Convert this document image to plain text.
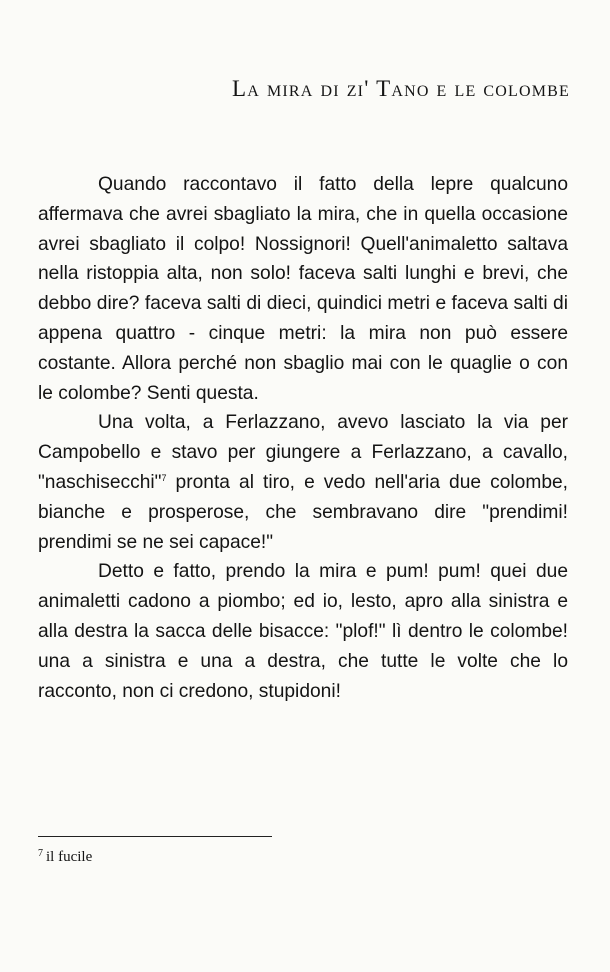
La mira di zi' Tano e le colombe

Quando raccontavo il fatto della lepre qualcuno affermava che avrei sbagliato la mira, che in quella occasione avrei sbagliato il colpo! Nossignori! Quell'animaletto saltava nella ristoppia alta, non solo! faceva salti lunghi e brevi, che debbo dire? faceva salti di dieci, quindici metri e faceva salti di appena quattro - cinque metri: la mira non può essere costante. Allora perché non sbaglio mai con le quaglie o con le colombe? Senti questa.

Una volta, a Ferlazzano, avevo lasciato la via per Campobello e stavo per giungere a Ferlazzano, a cavallo, "naschisecchi"$^7$ pronta al tiro, e vedo nell'aria due colombe, bianche e prosperose, che sembravano dire "prendimi! prendimi se ne sei capace!"

Detto e fatto, prendo la mira e pum! pum! quei due animaletti cadono a piombo; ed io, lesto, apro alla sinistra e alla destra la sacca delle bisacce: "plof!" lì dentro le colombe! una a sinistra e una a destra, che tutte le volte che lo racconto, non ci credono, stupidoni!

$^7$ il fucile
